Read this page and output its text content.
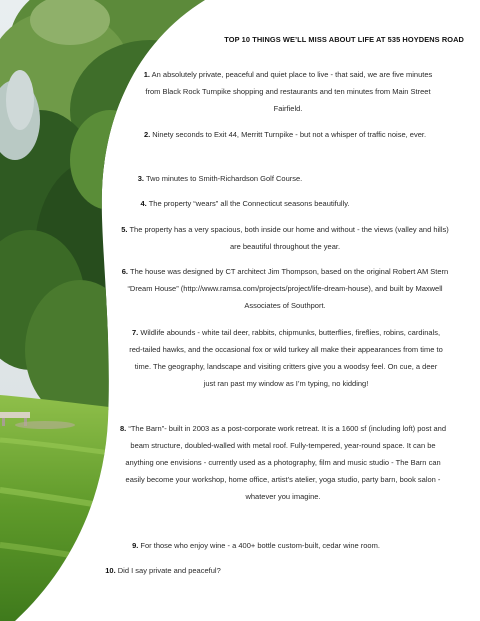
TOP 10 THINGS WE’LL MISS ABOUT LIFE AT 535 HOYDENS ROAD

1. An absolutely private, peaceful and quiet place to live - that said, we are five minutes from Black Rock Turnpike shopping and restaurants and ten minutes from Main Street Fairfield.

2. Ninety seconds to Exit 44, Merritt Turnpike - but not a whisper of traffic noise, ever.

3. Two minutes to Smith-Richardson Golf Course.

4. The property “wears” all the Connecticut seasons beautifully.

5. The property has a very spacious, both inside our home and without - the views (valley and hills) are beautiful throughout the year.

6. The house was designed by CT architect Jim Thompson, based on the original Robert AM Stern “Dream House” (http://www.ramsa.com/projects/project/life-dream-house), and built by Maxwell Associates of Southport.

7. Wildlife abounds - white tail deer, rabbits, chipmunks, butterflies, fireflies, robins, cardinals, red-tailed hawks, and the occasional fox or wild turkey all make their appearances from time to time. The geography, landscape and visiting critters give you a woodsy feel. On cue, a deer just ran past my window as I’m typing, no kidding!

8. “The Barn”- built in 2003 as a post-corporate work retreat. It is a 1600 sf (including loft) post and beam structure, doubled-walled with metal roof. Fully-tempered, year-round space. It can be anything one envisions - currently used as a photography, film and music studio - The Barn can easily become your workshop, home office, artist’s atelier, yoga studio, party barn, book salon - whatever you imagine.

9. For those who enjoy wine - a 400+ bottle custom-built, cedar wine room.

10. Did I say private and peaceful?
